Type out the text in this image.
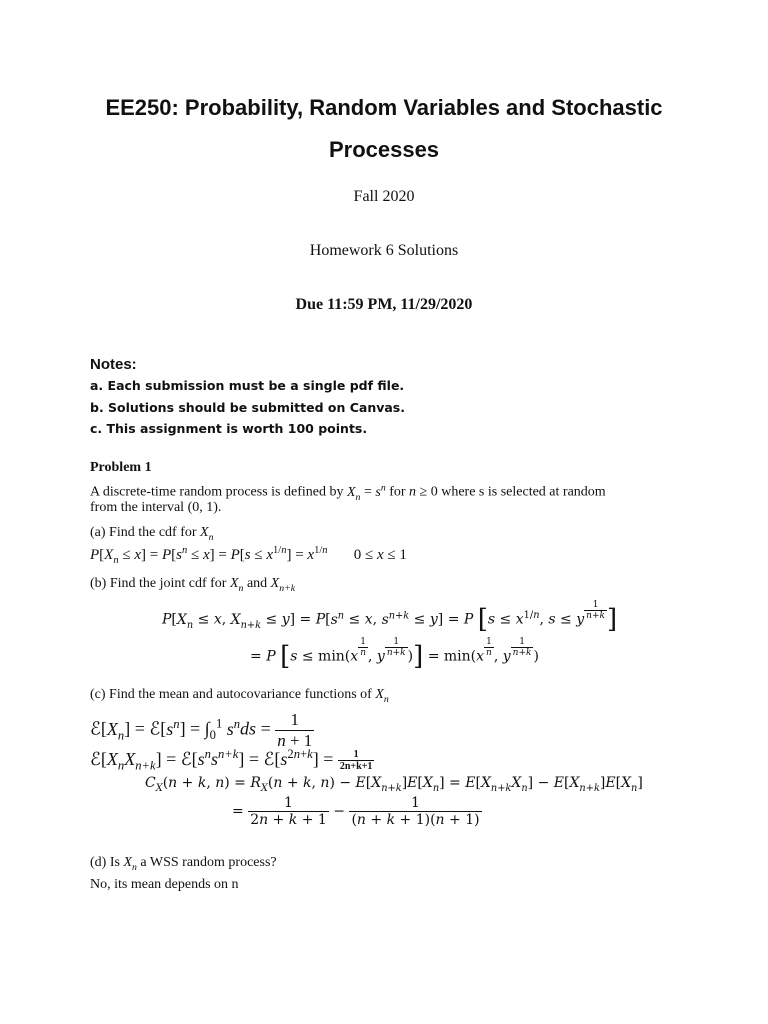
EE250: Probability, Random Variables and Stochastic
Processes
Fall 2020
Homework 6 Solutions
Due 11:59 PM, 11/29/2020
Notes:
a. Each submission must be a single pdf file.
b. Solutions should be submitted on Canvas.
c. This assignment is worth 100 points.
Problem 1
A discrete-time random process is defined by $X_n = s^n$ for n ≥ 0 where s is selected at random
from the interval (0, 1).
(a) Find the cdf for $X_n$
$P[X_n \le x] = P[s^n \le x] = P[s \le x^{1/n}] = x^{1/n}$       0 ≤ x ≤ 1
(b) Find the joint cdf for $X_n$ and $X_{n+k}$
$P[X_n \le x$, $X_{n+k} \le y] = P[s^n \le x$, $s^{n+k} \le y] = P$ [$s \le x^{1/n}$, s ≤ y $\frac{1}{n+k}$ ]
= P [$s \le \min(x \frac{1}{n}$ , y $\frac{1}{n+k}$ )] = $\min(x \frac{1}{n}$ , y $\frac{1}{n+k}$ )
(c) Find the mean and autocovariance functions of $X_n$
$ℰ[X_n]$ = $ℰ[s^n] = \int_0^1$ $s^nds = \frac{1}{n + 1}$
$ℰ[X_nX_{n+k}]$ = $ℰ[s^ns^{n+k}]$ = $ℰ[s^{2n+k}] = \frac{1}{2n+k+1}$
$C_X(n + k$, $n) = R_X(n + k$, $n) - E[X_{n+k}]E[X_n] = E[X_{n+k}X_n] - E[X_{n+k}]E[X_n]$
= $\frac{1}{2n + k + 1} - \frac{1}{(n + k + 1)(n + 1)}$
(d) Is $X_n$ a WSS random process?
No, its mean depends on n
